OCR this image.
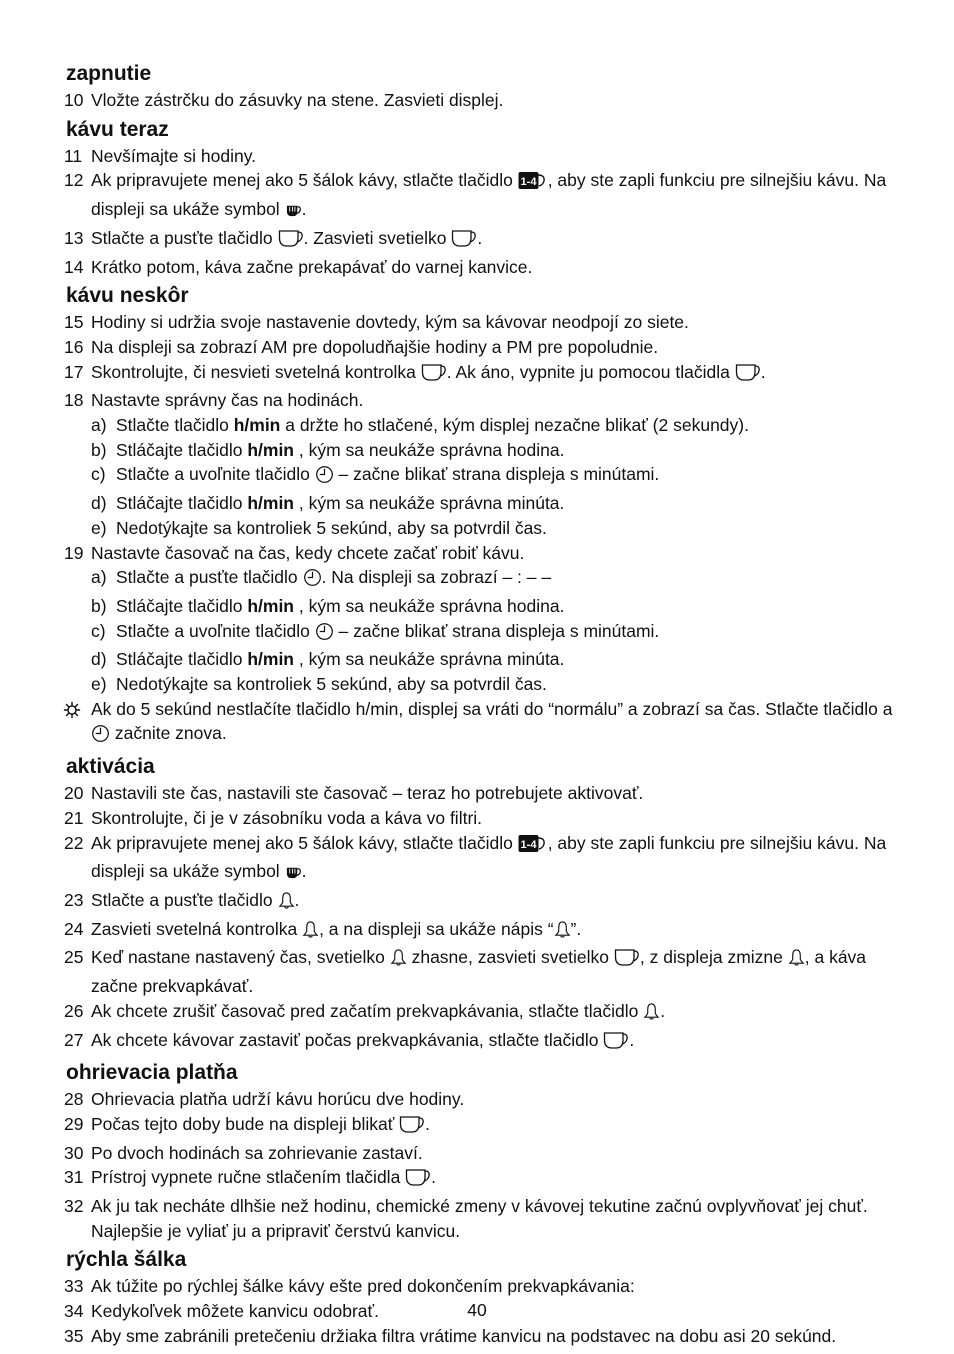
zapnutie
10 Vložte zástrčku do zásuvky na stene. Zasvieti displej.
kávu teraz
11 Nevšímajte si hodiny.
12 Ak pripravujete menej ako 5 šálok kávy, stlačte tlačidlo 1-4 , aby ste zapli funkciu pre silnejšiu kávu. Na displeji sa ukáže symbol .
13 Stlačte a pusťte tlačidlo . Zasvieti svetielko .
14 Krátko potom, káva začne prekapávať do varnej kanvice.
kávu neskôr
15 Hodiny si udržia svoje nastavenie dovtedy, kým sa kávovar neodpojí zo siete.
16 Na displeji sa zobrazí AM pre dopoludňajšie hodiny a PM pre popoludnie.
17 Skontrolujte, či nesvieti svetelná kontrolka . Ak áno, vypnite ju pomocou tlačidla .
18 Nastavte správny čas na hodinách.
a) Stlačte tlačidlo h/min a držte ho stlačené, kým displej nezačne blikať (2 sekundy).
b) Stláčajte tlačidlo h/min , kým sa neukáže správna hodina.
c) Stlačte a uvoľnite tlačidlo  – začne blikať strana displeja s minútami.
d) Stláčajte tlačidlo h/min , kým sa neukáže správna minúta.
e) Nedotýkajte sa kontroliek 5 sekúnd, aby sa potvrdil čas.
19 Nastavte časovač na čas, kedy chcete začať robiť kávu.
a) Stlačte a pusťte tlačidlo . Na displeji sa zobrazí – : – –
b) Stláčajte tlačidlo h/min , kým sa neukáže správna hodina.
c) Stlačte a uvoľnite tlačidlo  – začne blikať strana displeja s minútami.
d) Stláčajte tlačidlo h/min , kým sa neukáže správna minúta.
e) Nedotýkajte sa kontroliek 5 sekúnd, aby sa potvrdil čas.
Ak do 5 sekúnd nestlačíte tlačidlo h/min, displej sa vráti do “normálu” a zobrazí sa čas. Stlačte tlačidlo a  začnite znova.
aktivácia
20 Nastavili ste čas, nastavili ste časovač – teraz ho potrebujete aktivovať.
21 Skontrolujte, či je v zásobníku voda a káva vo filtri.
22 Ak pripravujete menej ako 5 šálok kávy, stlačte tlačidlo 1-4 , aby ste zapli funkciu pre silnejšiu kávu. Na displeji sa ukáže symbol .
23 Stlačte a pusťte tlačidlo .
24 Zasvieti svetelná kontrolka , a na displeji sa ukáže nápis “ ”.
25 Keď nastane nastavený čas, svetielko  zhasne, zasvieti svetielko , z displeja zmizne , a káva začne prekvapkávať.
26 Ak chcete zrušiť časovač pred začatím prekvapkávania, stlačte tlačidlo .
27 Ak chcete kávovar zastaviť počas prekvapkávania, stlačte tlačidlo .
ohrievacia platňa
28 Ohrievacia platňa udrží kávu horúcu dve hodiny.
29 Počas tejto doby bude na displeji blikať .
30 Po dvoch hodinách sa zohrievanie zastaví.
31 Prístroj vypnete ručne stlačením tlačidla .
32 Ak ju tak necháte dlhšie než hodinu, chemické zmeny v kávovej tekutine začnú ovplyvňovať jej chuť. Najlepšie je vyliať ju a pripraviť čerstvú kanvicu.
rýchla šálka
33 Ak túžite po rýchlej šálke kávy ešte pred dokončením prekvapkávania:
34 Kedykoľvek môžete kanvicu odobrať.
35 Aby sme zabránili pretečeniu držiaka filtra vrátime kanvicu na podstavec na dobu asi 20 sekúnd.
40
